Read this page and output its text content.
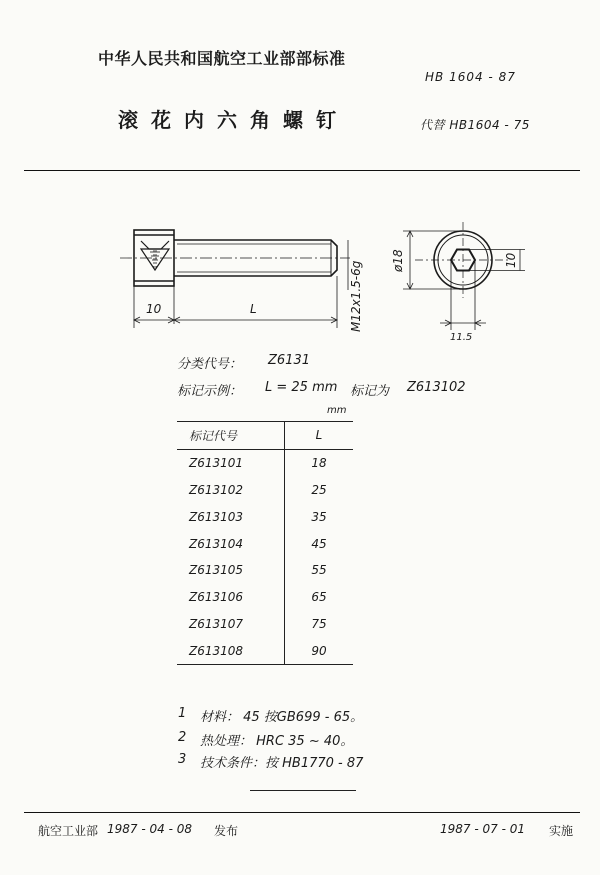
中华人民共和国航空工业部部标准
HB 1604 - 87
滚花内六角螺钉	代替 HB1604 - 75
10	L	M12x1.5-6g ø18	10
11.5
分类代号： Z6131
标记示例： L = 25 mm 标记为 Z613102
mm
标记代号	L
Z613101	18
Z613102	25
Z613103	35
Z613104	45
Z613105	55
Z613106	65
Z613107	75
Z613108	90
1 材料： 45 按GB699 - 65。
2 热处理： HRC 35 ~ 40。
3 技术条件：按 HB1770 - 87
航空工业部 1987 - 04 - 08 发布	1987 - 07 - 01 实施
